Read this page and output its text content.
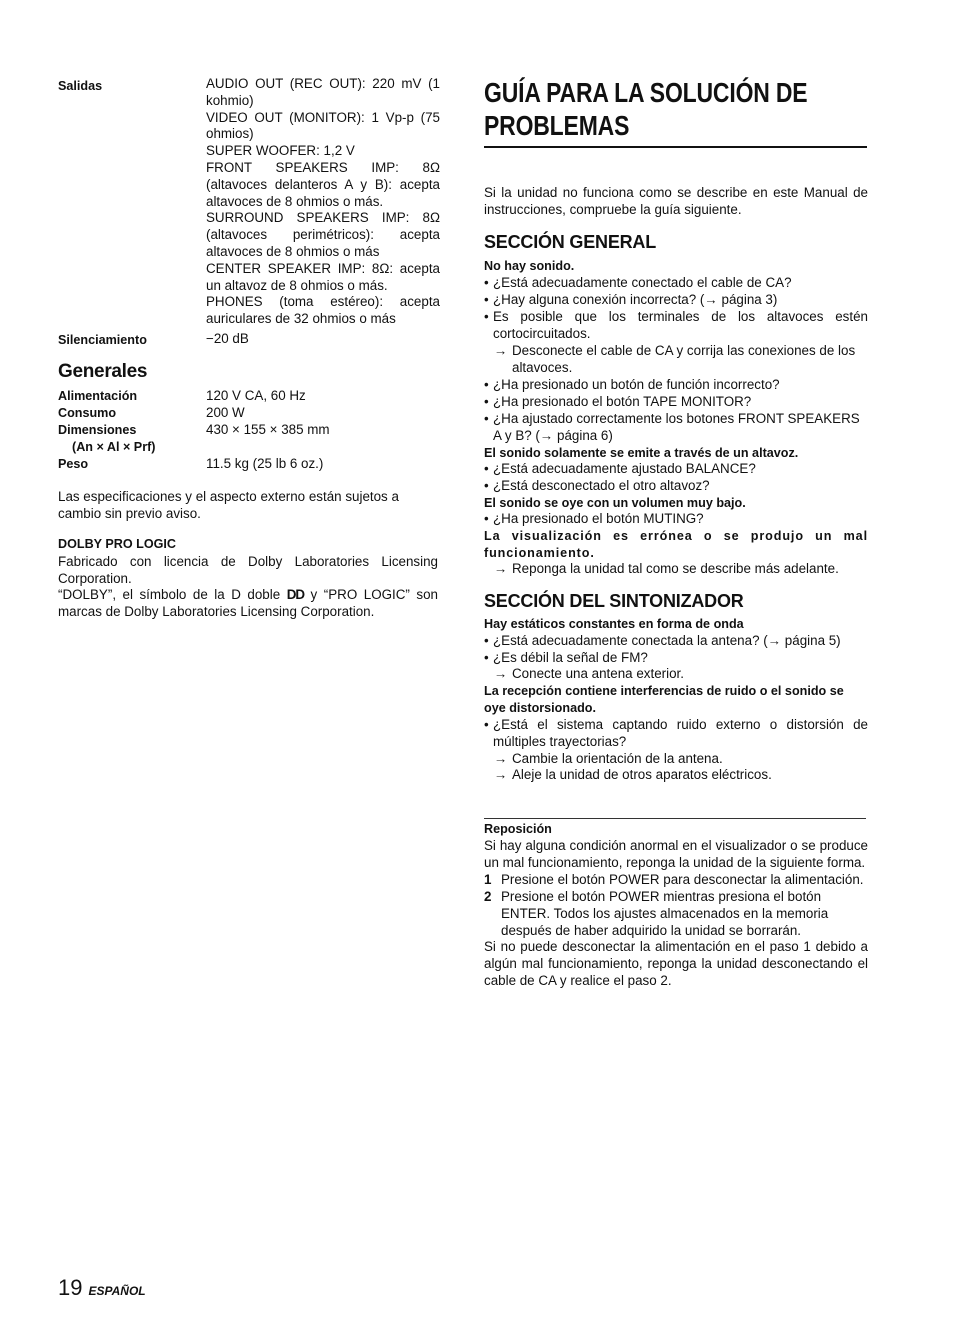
Salidas	AUDIO OUT (REC OUT): 220 mV (1 kohmio)

VIDEO OUT (MONITOR): 1 Vp-p (75 ohmios)

SUPER WOOFER: 1,2 V

FRONT SPEAKERS IMP: 8Ω (altavoces delanteros A y B): acepta altavoces de 8 ohmios o más.

SURROUND SPEAKERS IMP: 8Ω (altavoces perimétricos): acepta altavoces de 8 ohmios o más

CENTER SPEAKER IMP: 8Ω: acepta un altavoz de 8 ohmios o más.

PHONES (toma estéreo): acepta auriculares de 32 ohmios o más

Silenciamiento	−20 dB
Generales
Alimentación	120 V CA, 60 Hz
Consumo	200 W
Dimensiones	430 × 155 × 385 mm
(An × Al × Prf)
Peso	11.5 kg (25 lb 6 oz.)

Las especificaciones y el aspecto externo están sujetos a cambio sin previo aviso.

DOLBY PRO LOGIC

Fabricado con licencia de Dolby Laboratories Licensing Corporation.

“DOLBY”, el símbolo de la D doble DD y “PRO LOGIC” son marcas de Dolby Laboratories Licensing Corporation.

GUÍA PARA LA SOLUCIÓN DE PROBLEMAS

Si la unidad no funciona como se describe en este Manual de instrucciones, compruebe la guía siguiente.

SECCIÓN GENERAL
No hay sonido.
• ¿Está adecuadamente conectado el cable de CA?
• ¿Hay alguna conexión incorrecta? (→ página 3)
• Es posible que los terminales de los altavoces estén cortocircuitados.
→ Desconecte el cable de CA y corrija las conexiones de los altavoces.
• ¿Ha presionado un botón de función incorrecto?
• ¿Ha presionado el botón TAPE MONITOR?
• ¿Ha ajustado correctamente los botones FRONT SPEAKERS A y B? (→ página 6)
El sonido solamente se emite a través de un altavoz.
• ¿Está adecuadamente ajustado BALANCE?
• ¿Está desconectado el otro altavoz?
El sonido se oye con un volumen muy bajo.
• ¿Ha presionado el botón MUTING?
La visualización es errónea o se produjo un mal funcionamiento.
→ Reponga la unidad tal como se describe más adelante.
SECCIÓN DEL SINTONIZADOR
Hay estáticos constantes en forma de onda
• ¿Está adecuadamente conectada la antena? (→ página 5)
• ¿Es débil la señal de FM?
→ Conecte una antena exterior.
La recepción contiene interferencias de ruido o el sonido se oye distorsionado.
• ¿Está el sistema captando ruido externo o distorsión de múltiples trayectorias?
→ Cambie la orientación de la antena.
→ Aleje la unidad de otros aparatos eléctricos.
Reposición

Si hay alguna condición anormal en el visualizador o se produce un mal funcionamiento, reponga la unidad de la siguiente forma.

1 Presione el botón POWER para desconectar la alimentación.
2 Presione el botón POWER mientras presiona el botón ENTER. Todos los ajustes almacenados en la memoria después de haber adquirido la unidad se borrarán.

Si no puede desconectar la alimentación en el paso 1 debido a algún mal funcionamiento, reponga la unidad desconectando el cable de CA y realice el paso 2.

19 ESPAÑOL
